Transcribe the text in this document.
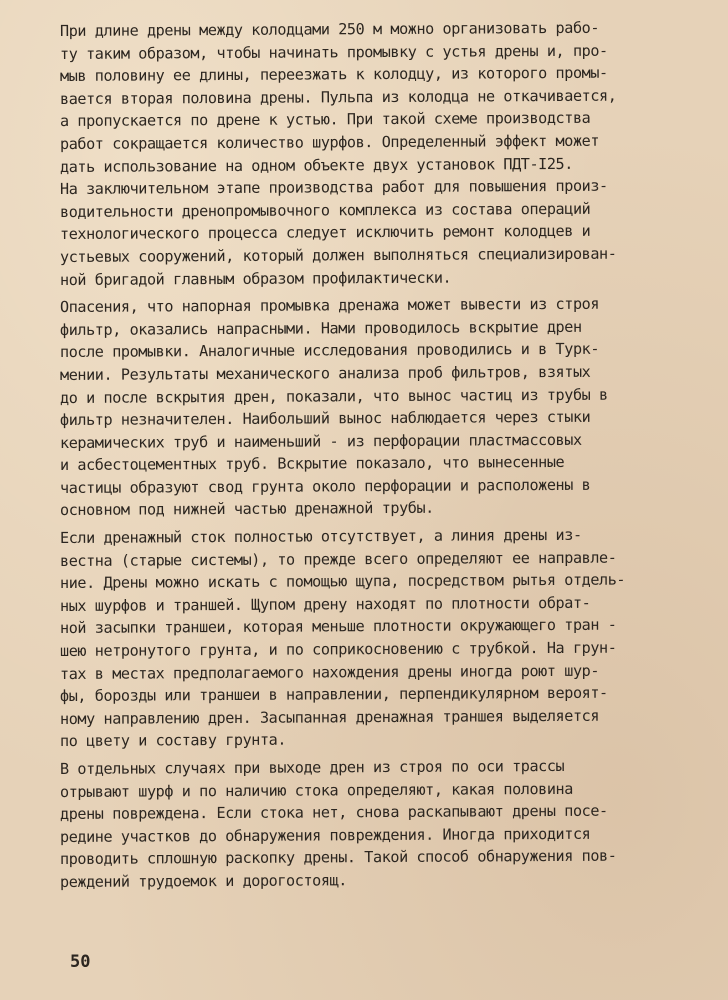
При длине дрены между колодцами 250 м можно организовать рабо-
ту таким образом, чтобы начинать промывку с устья дрены и, про-
мыв половину ее длины, переезжать к колодцу, из которого промы-
вается вторая половина дрены. Пульпа из колодца не откачивается,
а пропускается по дрене к устью. При такой схеме производства
работ сокращается количество шурфов. Определенный эффект может
дать использование на одном объекте двух установок ПДТ-I25.
На заключительном этапе производства работ для повышения произ-
водительности дренопромывочного комплекса из состава операций
технологического процесса следует исключить ремонт колодцев и
устьевых сооружений, который должен выполняться специализирован-
ной бригадой главным образом профилактически.
Опасения, что напорная промывка дренажа может вывести из строя
фильтр, оказались напрасными. Нами проводилось вскрытие дрен
после промывки. Аналогичные исследования проводились и в Турк-
мении. Результаты механического анализа проб фильтров, взятых
до и после вскрытия дрен, показали, что вынос частиц из трубы в
фильтр незначителен. Наибольший вынос наблюдается через стыки
керамических труб и наименьший - из перфорации пластмассовых
и асбестоцементных труб. Вскрытие показало, что вынесенные
частицы образуют свод грунта около перфорации и расположены в
основном под нижней частью дренажной трубы.
Если дренажный сток полностью отсутствует, а линия дрены из-
вестна (старые системы), то прежде всего определяют ее направле-
ние. Дрены можно искать с помощью щупа, посредством рытья отдель-
ных шурфов и траншей. Щупом дрену находят по плотности обрат-
ной засыпки траншеи, которая меньше плотности окружающего тран -
шею нетронутого грунта, и по соприкосновению с трубкой. На грун-
тах в местах предполагаемого нахождения дрены иногда роют шур-
фы, борозды или траншеи в направлении, перпендикулярном вероят-
ному направлению дрен. Засыпанная дренажная траншея выделяется
по цвету и составу грунта.
В отдельных случаях при выходе дрен из строя по оси трассы
отрывают шурф и по наличию стока определяют, какая половина
дрены повреждена. Если стока нет, снова раскапывают дрены посе-
редине участков до обнаружения повреждения. Иногда приходится
проводить сплошную раскопку дрены. Такой способ обнаружения пов-
реждений трудоемок и дорогостоящ.
50
